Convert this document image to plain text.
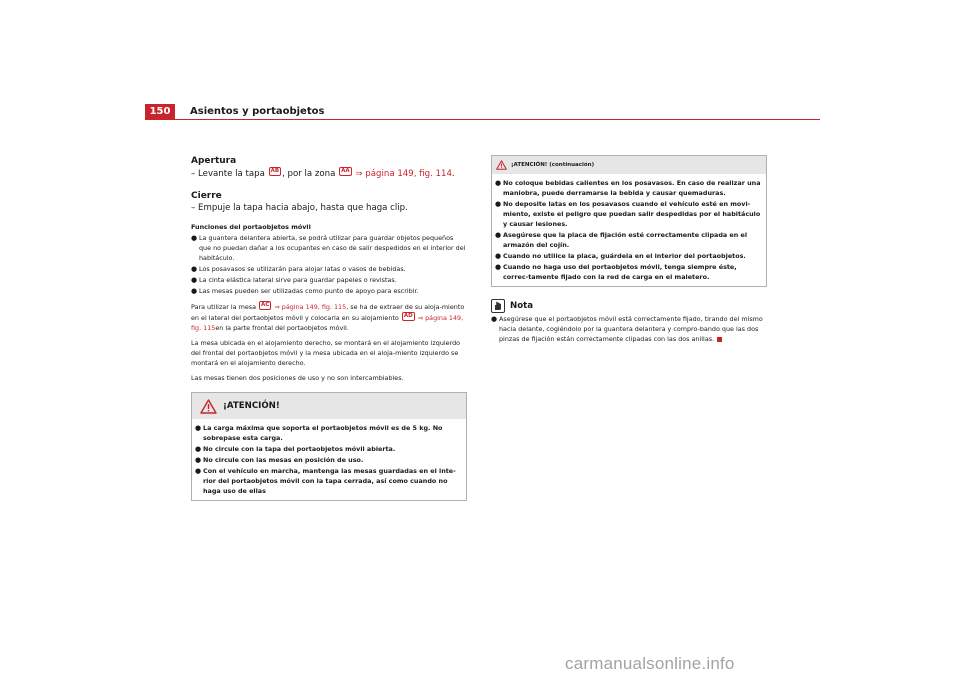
150	Asientos y portaobjetos
Apertura
– Levante la tapa AB , por la zona AA ⇒ página 149, fig. 114.
Cierre
– Empuje la tapa hacia abajo, hasta que haga clip.
Funciones del portaobjetos móvil
● La guantera delantera abierta, se podrá utilizar para guardar objetos pequeños que no puedan dañar a los ocupantes en caso de salir despedidos en el interior del habitáculo.
● Los posavasos se utilizarán para alojar latas o vasos de bebidas.
● La cinta elástica lateral sirve para guardar papeles o revistas.
● Las mesas pueden ser utilizadas como punto de apoyo para escribir.
Para utilizar la mesa AC ⇒ página 149, fig. 115, se ha de extraer de su aloja-miento en el lateral del portaobjetos móvil y colocarla en su alojamiento AD ⇒ página 149, fig. 115en la parte frontal del portaobjetos móvil.
La mesa ubicada en el alojamiento derecho, se montará en el alojamiento izquierdo del frontal del portaobjetos móvil y la mesa ubicada en el aloja-miento izquierdo se montará en el alojamiento derecho.
Las mesas tienen dos posiciones de uso y no son intercambiables.
¡ATENCIÓN!
● La carga máxima que soporta el portaobjetos móvil es de 5 kg. No sobrepase esta carga.
● No circule con la tapa del portaobjetos móvil abierta.
● No circule con las mesas en posición de uso.
● Con el vehículo en marcha, mantenga las mesas guardadas en el inte-rior del portaobjetos móvil con la tapa cerrada, así como cuando no haga uso de ellas
¡ATENCIÓN! (continuación)
● No coloque bebidas calientes en los posavasos. En caso de realizar una maniobra, puede derramarse la bebida y causar quemaduras.
● No deposite latas en los posavasos cuando el vehículo esté en movi-miento, existe el peligro que puedan salir despedidas por el habitáculo y causar lesiones.
● Asegúrese que la placa de fijación esté correctamente clipada en el armazón del cojín.
● Cuando no utilice la placa, guárdela en el interior del portaobjetos.
● Cuando no haga uso del portaobjetos móvil, tenga siempre éste, correc-tamente fijado con la red de carga en el maletero.
Nota
● Asegúrese que el portaobjetos móvil está correctamente fijado, tirando del mismo hacia delante, cogiéndolo por la guantera delantera y compro-bando que las dos pinzas de fijación están correctamente clipadas con las dos anillas.
carmanualsonline.info
